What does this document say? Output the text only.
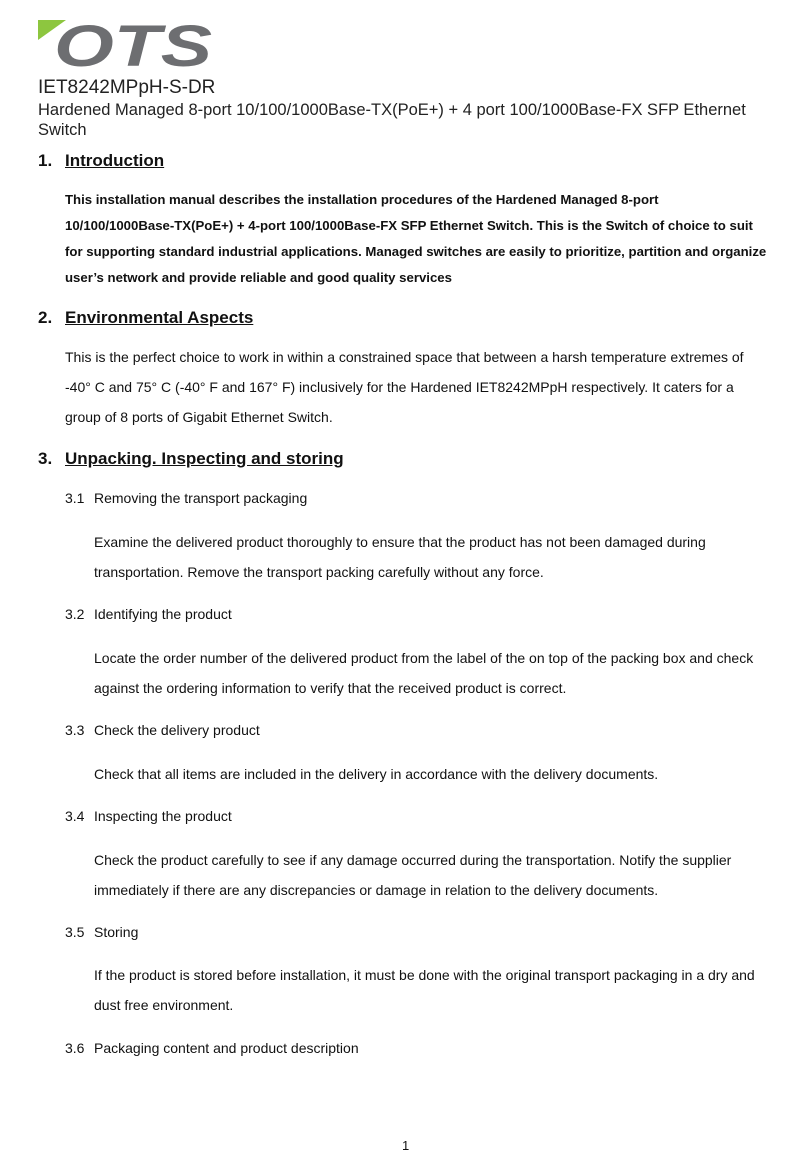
OTS
IET8242MPpH-S-DR
Hardened Managed 8-port 10/100/1000Base-TX(PoE+) + 4 port 100/1000Base-FX SFP Ethernet Switch
1. Introduction
This installation manual describes the installation procedures of the Hardened Managed 8-port 10/100/1000Base-TX(PoE+) + 4-port 100/1000Base-FX SFP Ethernet Switch. This is the Switch of choice to suit for supporting standard industrial applications. Managed switches are easily to prioritize, partition and organize user’s network and provide reliable and good quality services
2. Environmental Aspects
This is the perfect choice to work in within a constrained space that between a harsh temperature extremes of -40° C and 75° C (-40° F and 167° F) inclusively for the Hardened IET8242MPpH respectively. It caters for a group of 8 ports of Gigabit Ethernet Switch.
3. Unpacking. Inspecting and storing
3.1 Removing the transport packaging
Examine the delivered product thoroughly to ensure that the product has not been damaged during transportation. Remove the transport packing carefully without any force.
3.2 Identifying the product
Locate the order number of the delivered product from the label of the on top of the packing box and check against the ordering information to verify that the received product is correct.
3.3 Check the delivery product
Check that all items are included in the delivery in accordance with the delivery documents.
3.4 Inspecting the product
Check the product carefully to see if any damage occurred during the transportation. Notify the supplier immediately if there are any discrepancies or damage in relation to the delivery documents.
3.5 Storing
If the product is stored before installation, it must be done with the original transport packaging in a dry and dust free environment.
3.6 Packaging content and product description
1
